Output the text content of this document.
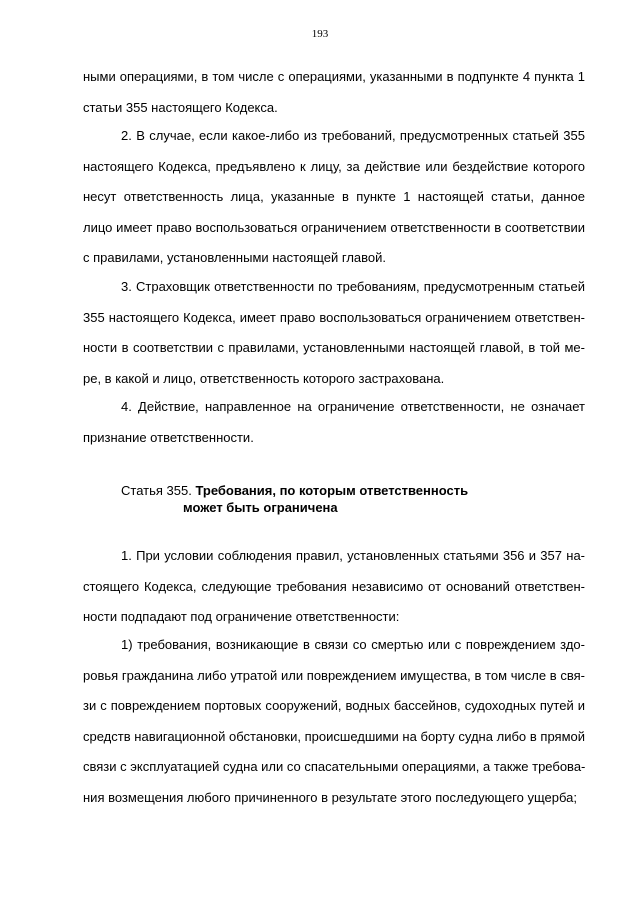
193
ными операциями, в том числе с операциями, указанными в подпункте 4 пункта 1
статьи 355 настоящего Кодекса.
2. В случае, если какое-либо из требований, предусмотренных статьей 355
настоящего Кодекса, предъявлено к лицу, за действие или бездействие которого
несут ответственность лица, указанные в пункте 1 настоящей статьи, данное
лицо имеет право воспользоваться ограничением ответственности в соответствии
с правилами, установленными настоящей главой.
3. Страховщик ответственности по требованиям, предусмотренным статьей
355 настоящего Кодекса, имеет право воспользоваться ограничением ответствен-
ности в соответствии с правилами, установленными настоящей главой, в той ме-
ре, в какой и лицо, ответственность которого застрахована.
4. Действие, направленное на ограничение ответственности, не означает
признание ответственности.
Статья 355. Требования, по которым ответственность
может быть ограничена
1. При условии соблюдения правил, установленных статьями 356 и 357 на-
стоящего Кодекса, следующие требования независимо от оснований ответствен-
ности подпадают под ограничение ответственности:
1) требования, возникающие в связи со смертью или с повреждением здо-
ровья гражданина либо утратой или повреждением имущества, в том числе в свя-
зи с повреждением портовых сооружений, водных бассейнов, судоходных путей и
средств навигационной обстановки, происшедшими на борту судна либо в прямой
связи с эксплуатацией судна или со спасательными операциями, а также требова-
ния возмещения любого причиненного в результате этого последующего ущерба;
